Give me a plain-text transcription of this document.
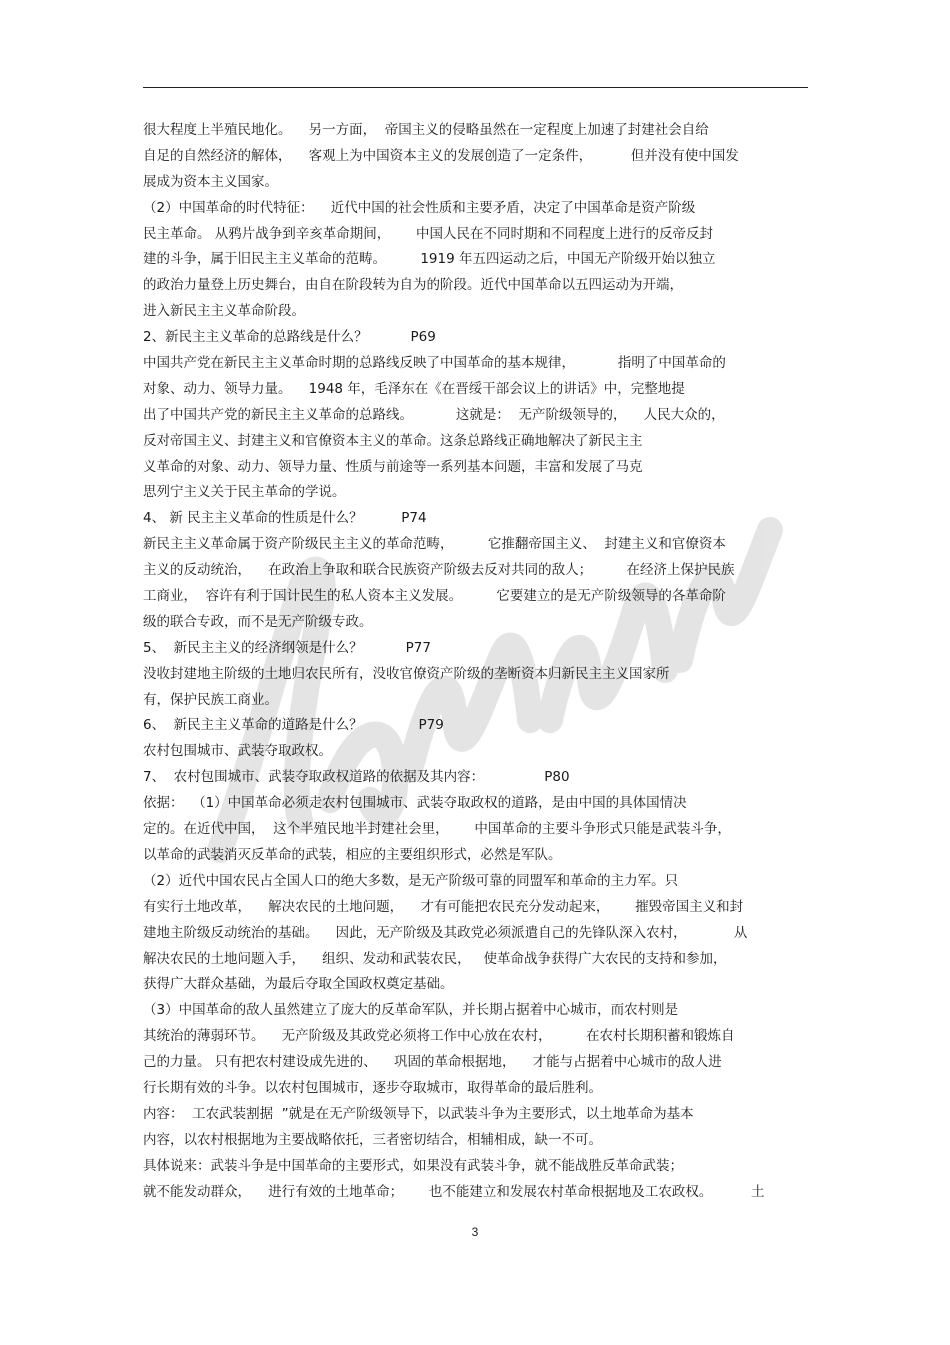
很大程度上半殖民地化。    另一方面，  帝国主义的侵略虽然在一定程度上加速了封建社会自给
自足的自然经济的解体，    客观上为中国资本主义的发展创造了一定条件，         但并没有使中国发
展成为资本主义国家。
（2）中国革命的时代特征：    近代中国的社会性质和主要矛盾，决定了中国革命是资产阶级
民主革命。 从鸦片战争到辛亥革命期间，      中国人民在不同时期和不同程度上进行的反帝反封
建的斗争，属于旧民主主义革命的范畴。        1919 年五四运动之后，中国无产阶级开始以独立
的政治力量登上历史舞台，由自在阶段转为自为的阶段。近代中国革命以五四运动为开端，
进入新民主主义革命阶段。
2、新民主主义革命的总路线是什么？          P69
中国共产党在新民主主义革命时期的总路线反映了中国革命的基本规律，          指明了中国革命的
对象、动力、领导力量。    1948 年，毛泽东在《在晋绥干部会议上的讲话》中，完整地提
出了中国共产党的新民主主义革命的总路线。          这就是：  无产阶级领导的，    人民大众的，
反对帝国主义、封建主义和官僚资本主义的革命。这条总路线正确地解决了新民主主
义革命的对象、动力、领导力量、性质与前途等一系列基本问题，丰富和发展了马克
思列宁主义关于民主革命的学说。
4、 新 民主主义革命的性质是什么？         P74
新民主主义革命属于资产阶级民主主义的革命范畴，        它推翻帝国主义、  封建主义和官僚资本
主义的反动统治，    在政治上争取和联合民族资产阶级去反对共同的敌人；        在经济上保护民族
工商业，  容许有利于国计民生的私人资本主义发展。        它要建立的是无产阶级领导的各革命阶
级的联合专政，而不是无产阶级专政。
5、  新民主主义的经济纲领是什么？          P77
没收封建地主阶级的土地归农民所有，没收官僚资产阶级的垄断资本归新民主主义国家所
有，保护民族工商业。
6、  新民主主义革命的道路是什么？             P79
农村包围城市、武装夺取政权。
7、  农村包围城市、武装夺取政权道路的依据及其内容：              P80
依据：  （1）中国革命必须走农村包围城市、武装夺取政权的道路，是由中国的具体国情决
定的。在近代中国，  这个半殖民地半封建社会里，      中国革命的主要斗争形式只能是武装斗争，
以革命的武装消灭反革命的武装，相应的主要组织形式，必然是军队。
（2）近代中国农民占全国人口的绝大多数，是无产阶级可靠的同盟军和革命的主力军。只
有实行土地改革，    解决农民的土地问题，    才有可能把农民充分发动起来，      摧毁帝国主义和封
建地主阶级反动统治的基础。    因此，无产阶级及其政党必须派遣自己的先锋队深入农村，           从
解决农民的土地问题入手，    组织、发动和武装农民，   使革命战争获得广大农民的支持和参加，
获得广大群众基础，为最后夺取全国政权奠定基础。
（3）中国革命的敌人虽然建立了庞大的反革命军队，并长期占据着中心城市，而农村则是
其统治的薄弱环节。    无产阶级及其政党必须将工作中心放在农村，        在农村长期积蓄和锻炼自
己的力量。 只有把农村建设成先进的、    巩固的革命根据地，    才能与占据着中心城市的敌人进
行长期有效的斗争。以农村包围城市，逐步夺取城市，取得革命的最后胜利。
内容：  工农武装割据  ”就是在无产阶级领导下，以武装斗争为主要形式，以土地革命为基本
内容，以农村根据地为主要战略依托，三者密切结合，相辅相成，缺一不可。
具体说来：武装斗争是中国革命的主要形式，如果没有武装斗争，就不能战胜反革命武装；
就不能发动群众，    进行有效的土地革命；      也不能建立和发展农村革命根据地及工农政权。         土
3
